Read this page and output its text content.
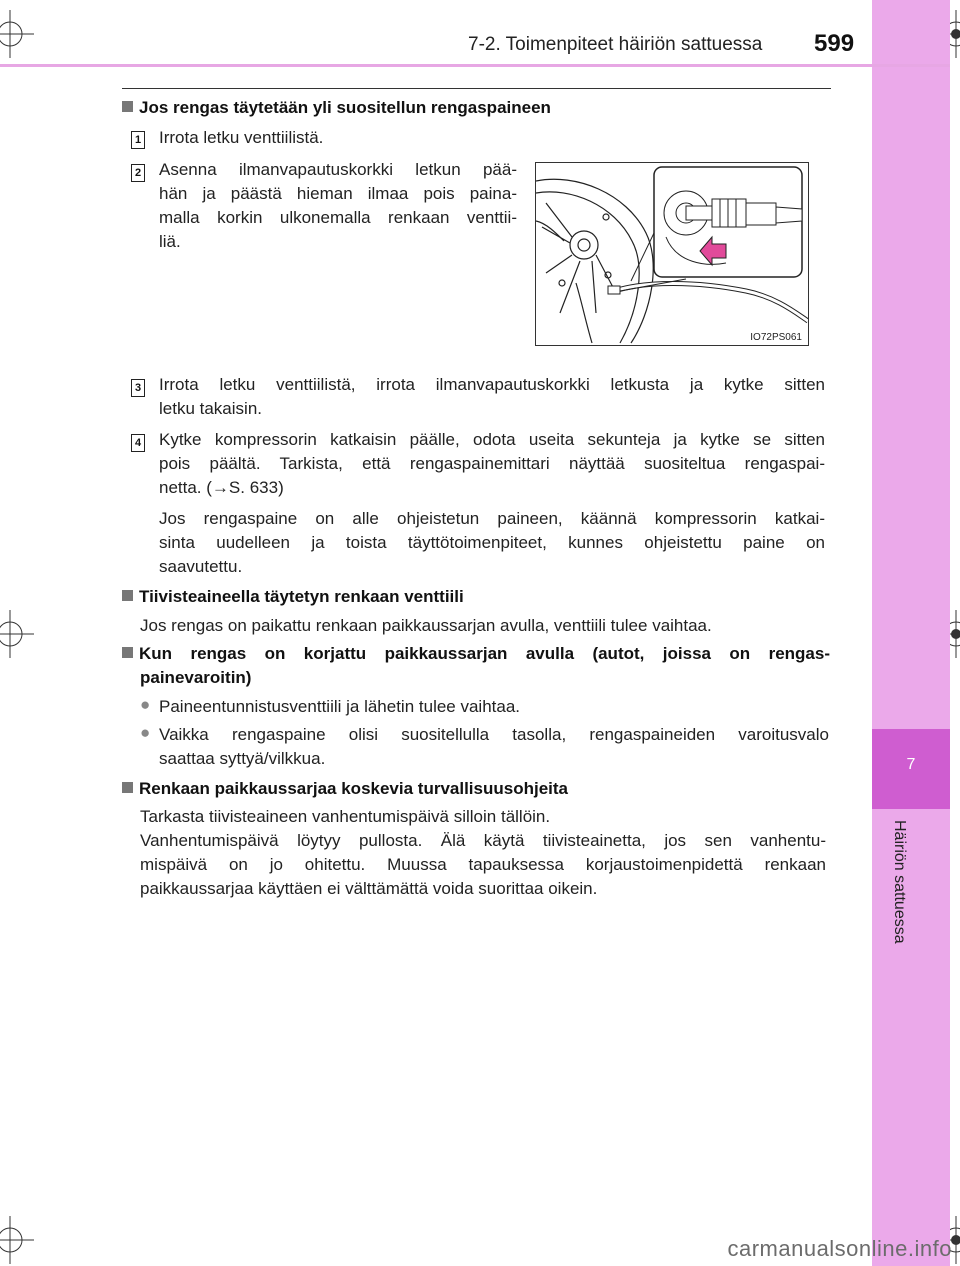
7
Häiriön sattuessa
7-2. Toimenpiteet häiriön sattuessa 599
Jos rengas täytetään yli suositellun rengaspaineen
1 Irrota letku venttiilistä.
2 Asenna ilmanvapautuskorkki letkun pää-
hän ja päästä hieman ilmaa pois paina-
malla korkin ulkonemalla renkaan venttii-
liä.
IO72PS061
3 Irrota letku venttiilistä, irrota ilmanvapautuskorkki letkusta ja kytke sitten
letku takaisin.
4 Kytke kompressorin katkaisin päälle, odota useita sekunteja ja kytke se sitten
pois päältä. Tarkista, että rengaspainemittari näyttää suositeltua rengaspai-
netta. (→S. 633)
Jos rengaspaine on alle ohjeistetun paineen, käännä kompressorin katkai-
sinta uudelleen ja toista täyttötoimenpiteet, kunnes ohjeistettu paine on
saavutettu.
Tiivisteaineella täytetyn renkaan venttiili
Jos rengas on paikattu renkaan paikkaussarjan avulla, venttiili tulee vaihtaa.
Kun rengas on korjattu paikkaussarjan avulla (autot, joissa on rengas-
painevaroitin)
● Paineentunnistusventtiili ja lähetin tulee vaihtaa.
● Vaikka rengaspaine olisi suositellulla tasolla, rengaspaineiden varoitusvalo
saattaa syttyä/vilkkua.
Renkaan paikkaussarjaa koskevia turvallisuusohjeita
Tarkasta tiivisteaineen vanhentumispäivä silloin tällöin.
Vanhentumispäivä löytyy pullosta. Älä käytä tiivisteainetta, jos sen vanhentu-
mispäivä on jo ohitettu. Muussa tapauksessa korjaustoimenpidettä renkaan
paikkaussarjaa käyttäen ei välttämättä voida suorittaa oikein.
carmanualsonline.info
